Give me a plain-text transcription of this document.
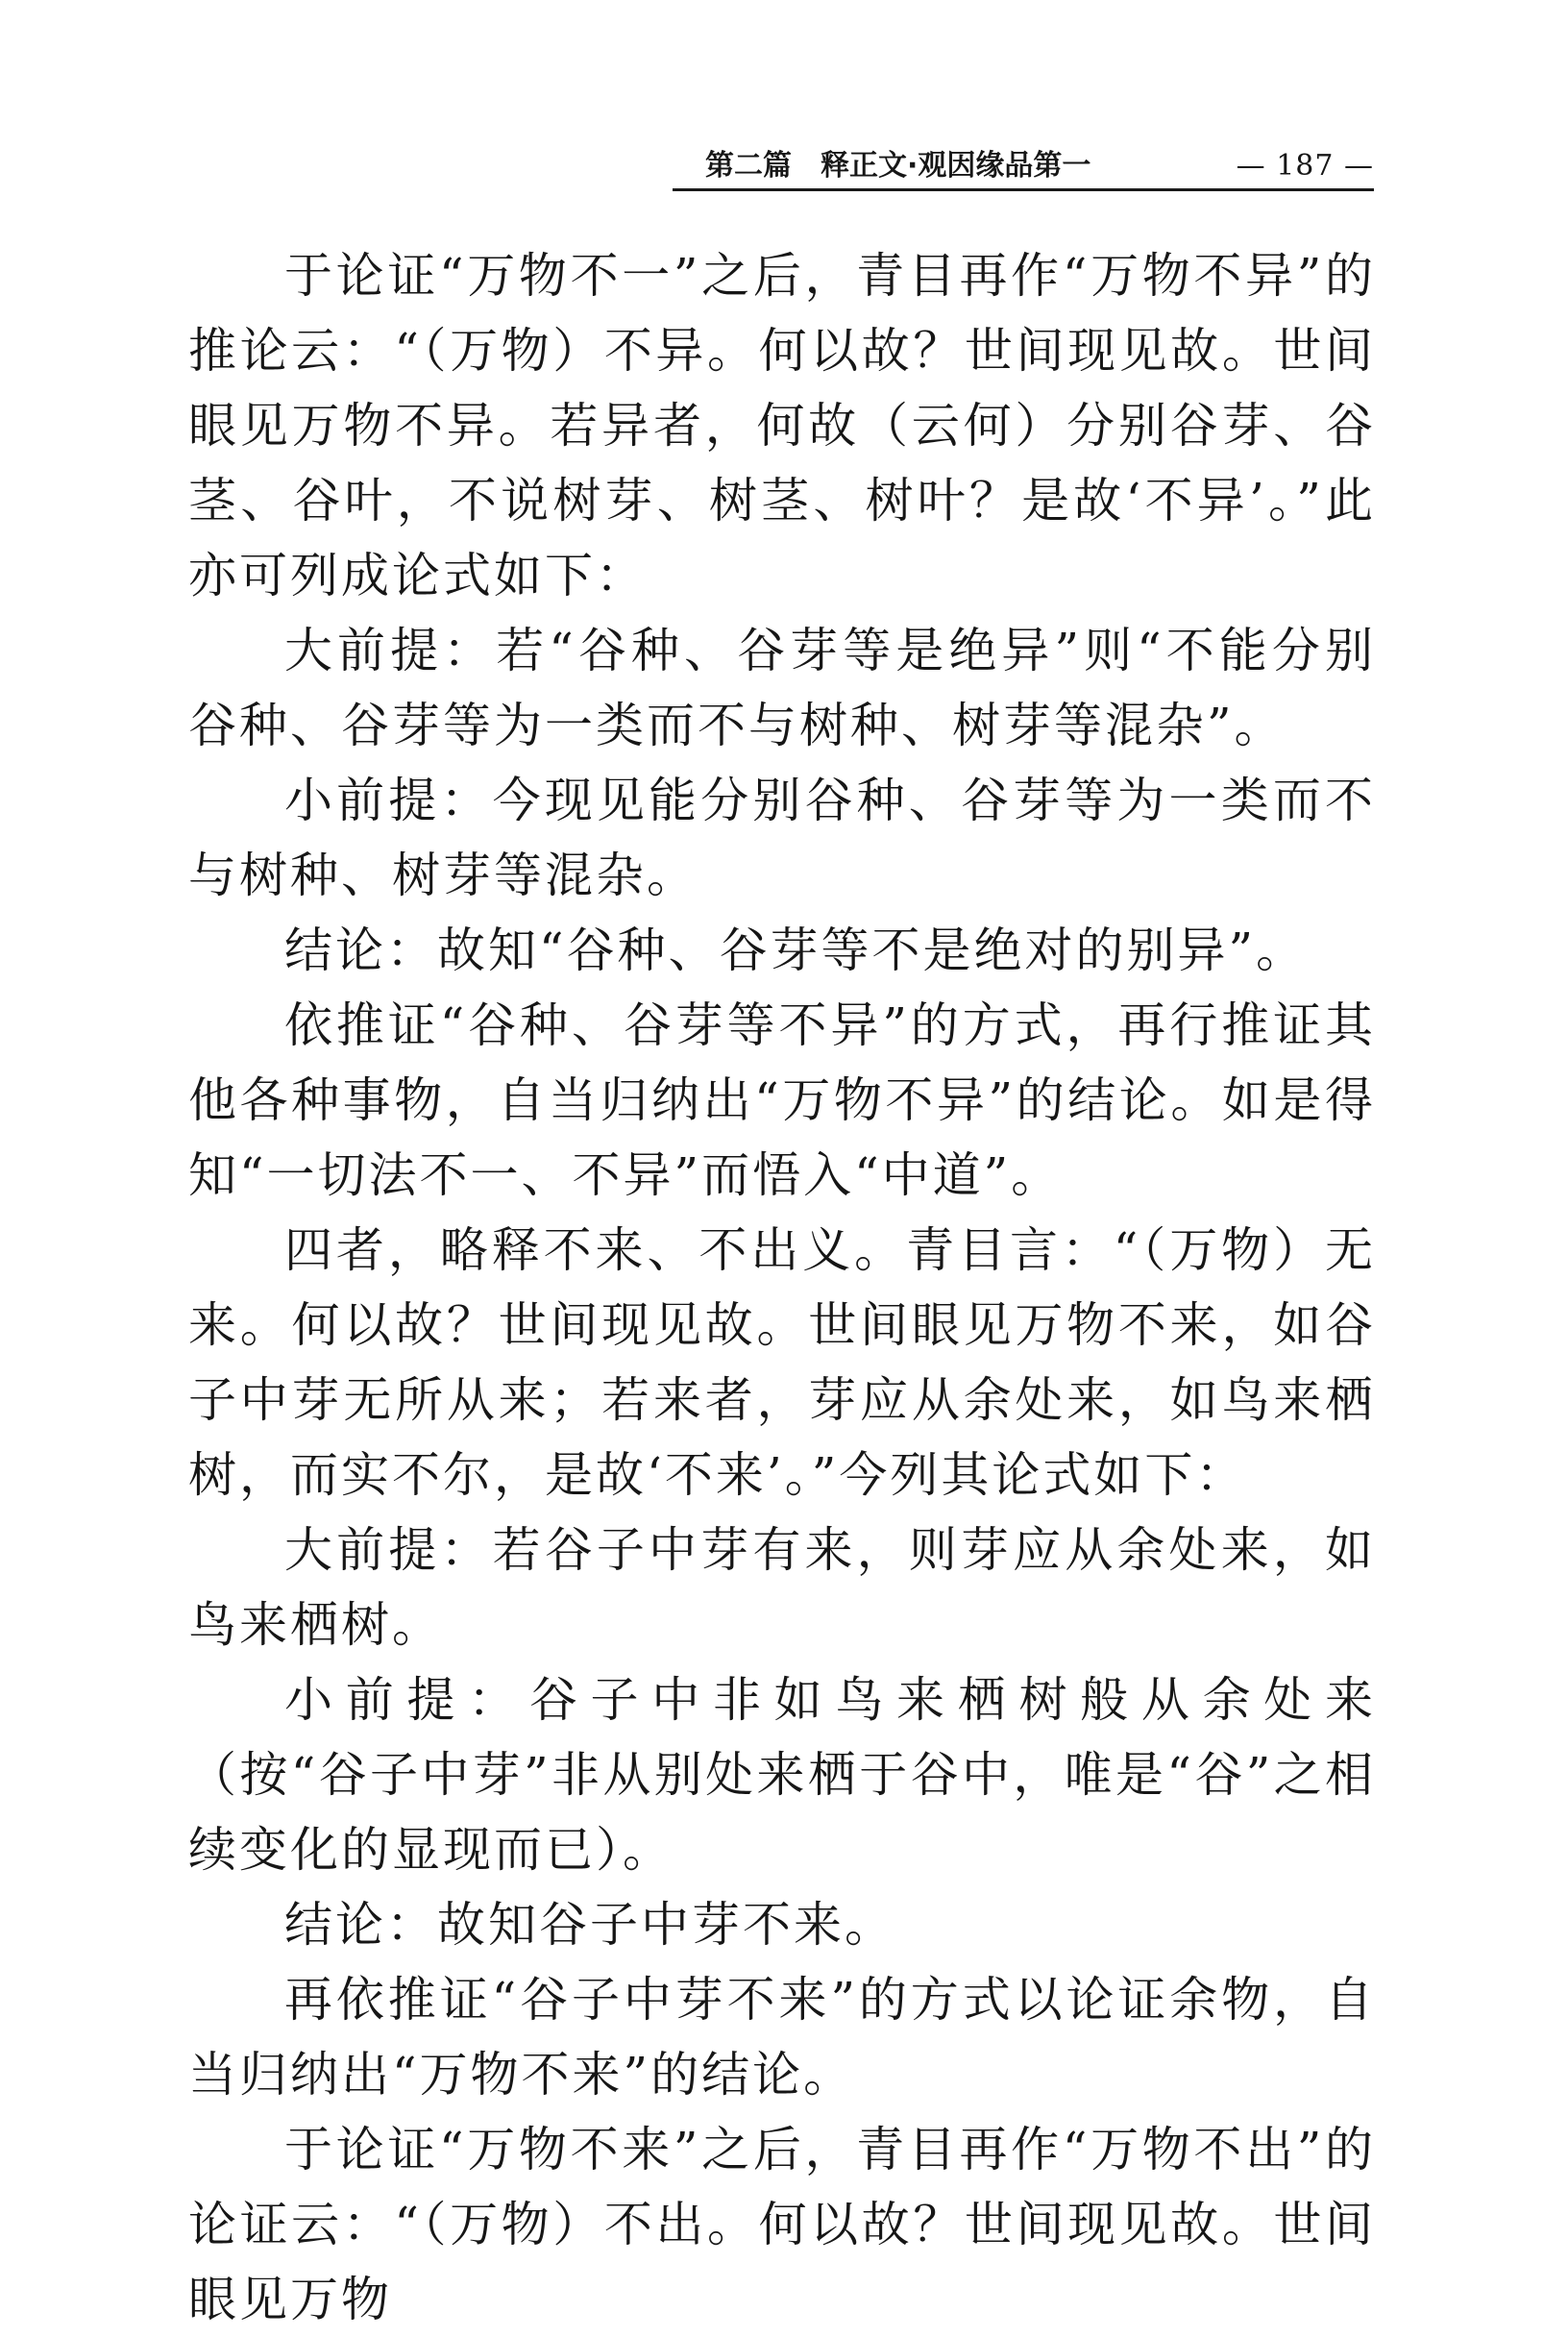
第二篇　释正文·观因缘品第一	— 187 —

于论证“万物不一”之后，青目再作“万物不异”的推论云：“（万物）不异。何以故？世间现见故。世间眼见万物不异。若异者，何故（云何）分别谷芽、谷茎、谷叶，不说树芽、树茎、树叶？是故‘不异’。”此亦可列成论式如下：

大前提：若“谷种、谷芽等是绝异”则“不能分别谷种、谷芽等为一类而不与树种、树芽等混杂”。

小前提：今现见能分别谷种、谷芽等为一类而不与树种、树芽等混杂。

结论：故知“谷种、谷芽等不是绝对的别异”。

依推证“谷种、谷芽等不异”的方式，再行推证其他各种事物，自当归纳出“万物不异”的结论。如是得知“一切法不一、不异”而悟入“中道”。

四者，略释不来、不出义。青目言：“（万物）无来。何以故？世间现见故。世间眼见万物不来，如谷子中芽无所从来；若来者，芽应从余处来，如鸟来栖树，而实不尔，是故‘不来’。”今列其论式如下：

大前提：若谷子中芽有来，则芽应从余处来，如鸟来栖树。

小前提：谷子中非如鸟来栖树般从余处来（按“谷子中芽”非从别处来栖于谷中，唯是“谷”之相续变化的显现而已）。

结论：故知谷子中芽不来。

再依推证“谷子中芽不来”的方式以论证余物，自当归纳出“万物不来”的结论。

于论证“万物不来”之后，青目再作“万物不出”的论证云：“（万物）不出。何以故？世间现见故。世间眼见万物
